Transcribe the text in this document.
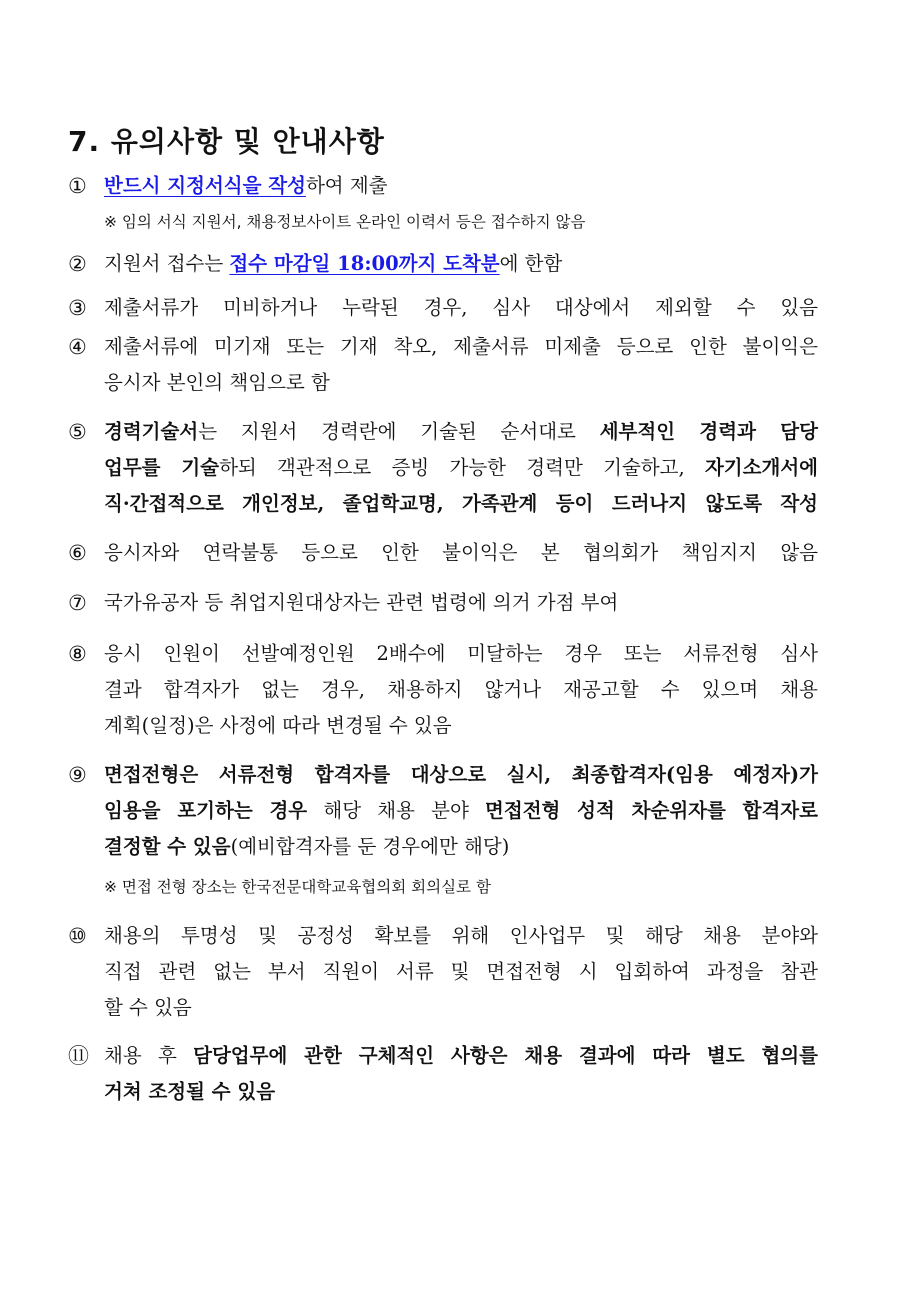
7. 유의사항 및 안내사항
① 반드시 지정서식을 작성하여 제출
※ 임의 서식 지원서, 채용정보사이트 온라인 이력서 등은 접수하지 않음
② 지원서 접수는 접수 마감일 18:00까지 도착분에 한함
③ 제출서류가 미비하거나 누락된 경우, 심사 대상에서 제외할 수 있음
④ 제출서류에 미기재 또는 기재 착오, 제출서류 미제출 등으로 인한 불이익은
응시자 본인의 책임으로 함
⑤ 경력기술서는 지원서 경력란에 기술된 순서대로 세부적인 경력과 담당
업무를 기술하되 객관적으로 증빙 가능한 경력만 기술하고, 자기소개서에
직·간접적으로 개인정보, 졸업학교명, 가족관계 등이 드러나지 않도록 작성
⑥ 응시자와 연락불통 등으로 인한 불이익은 본 협의회가 책임지지 않음
⑦ 국가유공자 등 취업지원대상자는 관련 법령에 의거 가점 부여
⑧ 응시 인원이 선발예정인원 2배수에 미달하는 경우 또는 서류전형 심사
결과 합격자가 없는 경우, 채용하지 않거나 재공고할 수 있으며 채용
계획(일정)은 사정에 따라 변경될 수 있음
⑨ 면접전형은 서류전형 합격자를 대상으로 실시, 최종합격자(임용 예정자)가
임용을 포기하는 경우 해당 채용 분야 면접전형 성적 차순위자를 합격자로
결정할 수 있음(예비합격자를 둔 경우에만 해당)
※ 면접 전형 장소는 한국전문대학교육협의회 회의실로 함
⑩ 채용의 투명성 및 공정성 확보를 위해 인사업무 및 해당 채용 분야와
직접 관련 없는 부서 직원이 서류 및 면접전형 시 입회하여 과정을 참관
할 수 있음
⑪ 채용 후 담당업무에 관한 구체적인 사항은 채용 결과에 따라 별도 협의를
거쳐 조정될 수 있음
